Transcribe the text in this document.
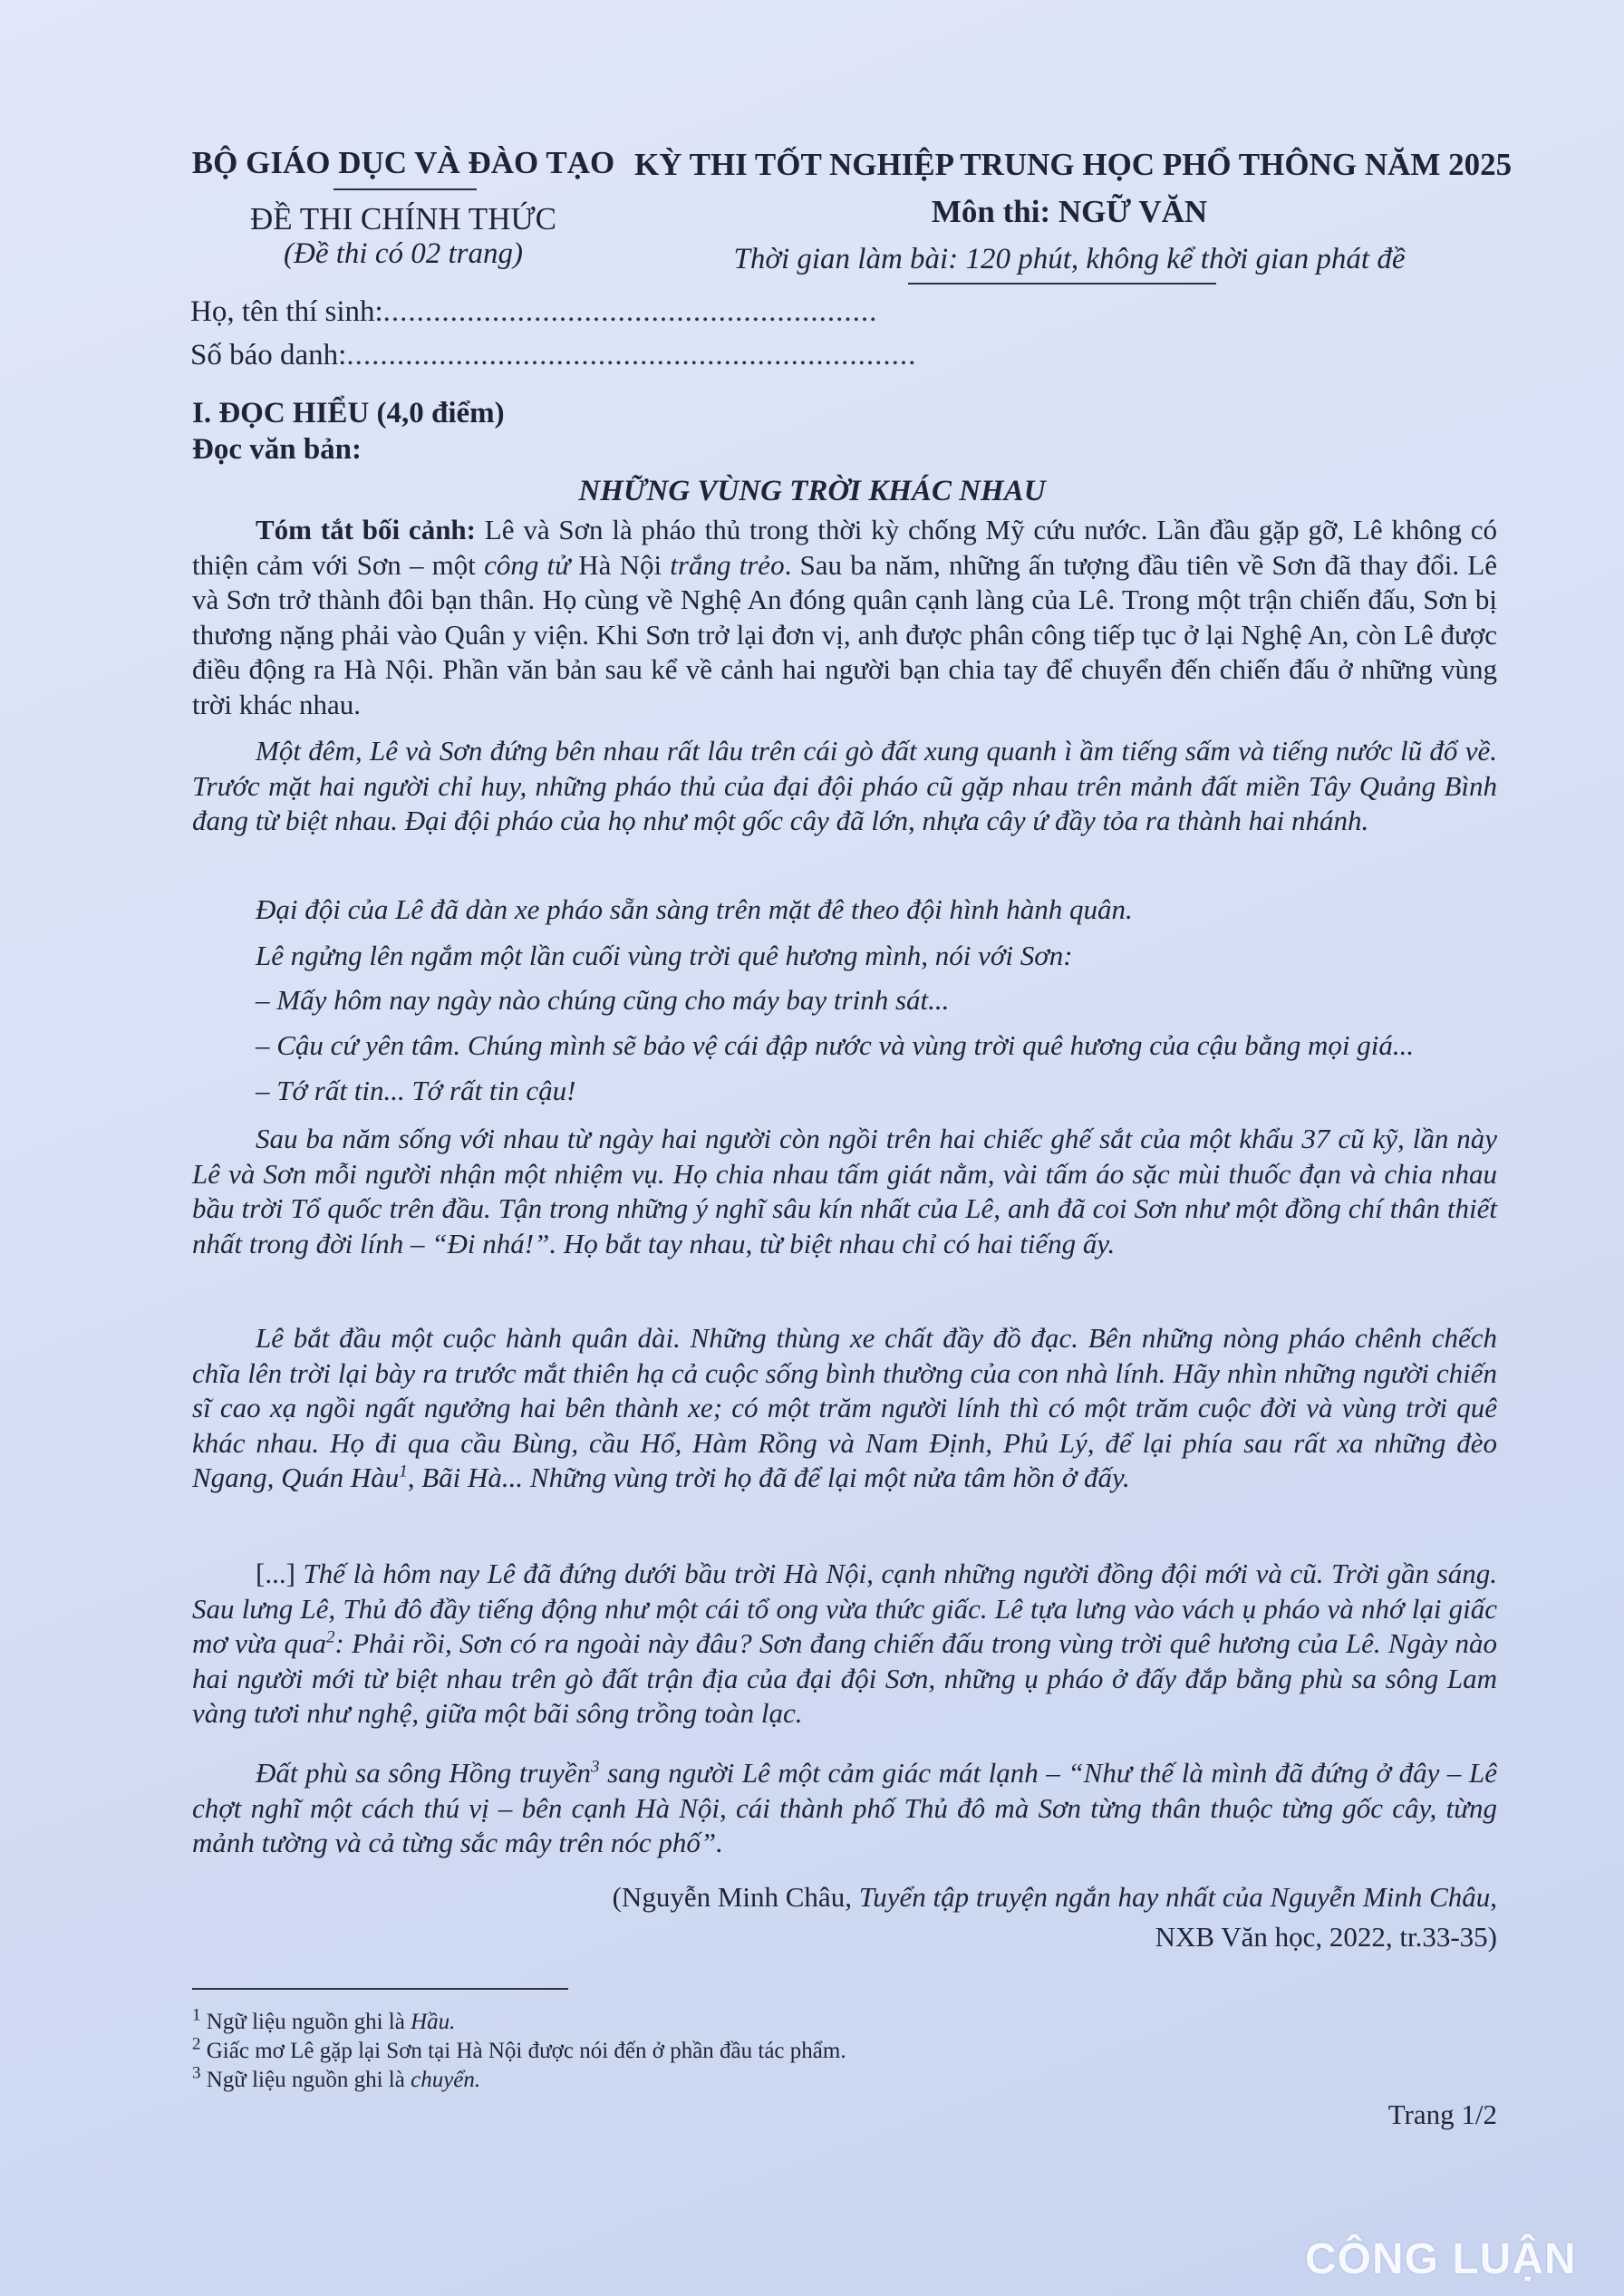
BỘ GIÁO DỤC VÀ ĐÀO TẠO
ĐỀ THI CHÍNH THỨC
(Đề thi có 02 trang)
KỲ THI TỐT NGHIỆP TRUNG HỌC PHỔ THÔNG NĂM 2025
Môn thi: NGỮ VĂN
Thời gian làm bài: 120 phút, không kể thời gian phát đề
Họ, tên thí sinh:...........................................................
Số báo danh:....................................................................
I. ĐỌC HIỂU (4,0 điểm)
Đọc văn bản:
NHỮNG VÙNG TRỜI KHÁC NHAU
Tóm tắt bối cảnh: Lê và Sơn là pháo thủ trong thời kỳ chống Mỹ cứu nước. Lần đầu gặp gỡ, Lê không có thiện cảm với Sơn – một công tử Hà Nội trắng trẻo. Sau ba năm, những ấn tượng đầu tiên về Sơn đã thay đổi. Lê và Sơn trở thành đôi bạn thân. Họ cùng về Nghệ An đóng quân cạnh làng của Lê. Trong một trận chiến đấu, Sơn bị thương nặng phải vào Quân y viện. Khi Sơn trở lại đơn vị, anh được phân công tiếp tục ở lại Nghệ An, còn Lê được điều động ra Hà Nội. Phần văn bản sau kể về cảnh hai người bạn chia tay để chuyển đến chiến đấu ở những vùng trời khác nhau.
Một đêm, Lê và Sơn đứng bên nhau rất lâu trên cái gò đất xung quanh ì ầm tiếng sấm và tiếng nước lũ đổ về. Trước mặt hai người chỉ huy, những pháo thủ của đại đội pháo cũ gặp nhau trên mảnh đất miền Tây Quảng Bình đang từ biệt nhau. Đại đội pháo của họ như một gốc cây đã lớn, nhựa cây ứ đầy tỏa ra thành hai nhánh.
Đại đội của Lê đã dàn xe pháo sẵn sàng trên mặt đê theo đội hình hành quân.
Lê ngửng lên ngắm một lần cuối vùng trời quê hương mình, nói với Sơn:
– Mấy hôm nay ngày nào chúng cũng cho máy bay trinh sát...
– Cậu cứ yên tâm. Chúng mình sẽ bảo vệ cái đập nước và vùng trời quê hương của cậu bằng mọi giá...
– Tớ rất tin... Tớ rất tin cậu!
Sau ba năm sống với nhau từ ngày hai người còn ngồi trên hai chiếc ghế sắt của một khẩu 37 cũ kỹ, lần này Lê và Sơn mỗi người nhận một nhiệm vụ. Họ chia nhau tấm giát nằm, vài tấm áo sặc mùi thuốc đạn và chia nhau bầu trời Tổ quốc trên đầu. Tận trong những ý nghĩ sâu kín nhất của Lê, anh đã coi Sơn như một đồng chí thân thiết nhất trong đời lính – “Đi nhá!”. Họ bắt tay nhau, từ biệt nhau chỉ có hai tiếng ấy.
Lê bắt đầu một cuộc hành quân dài. Những thùng xe chất đầy đồ đạc. Bên những nòng pháo chênh chếch chĩa lên trời lại bày ra trước mắt thiên hạ cả cuộc sống bình thường của con nhà lính. Hãy nhìn những người chiến sĩ cao xạ ngồi ngất ngưởng hai bên thành xe; có một trăm người lính thì có một trăm cuộc đời và vùng trời quê khác nhau. Họ đi qua cầu Bùng, cầu Hổ, Hàm Rồng và Nam Định, Phủ Lý, để lại phía sau rất xa những đèo Ngang, Quán Hàu$^1$, Bãi Hà... Những vùng trời họ đã để lại một nửa tâm hồn ở đấy.
[...] Thế là hôm nay Lê đã đứng dưới bầu trời Hà Nội, cạnh những người đồng đội mới và cũ. Trời gần sáng. Sau lưng Lê, Thủ đô đầy tiếng động như một cái tổ ong vừa thức giấc. Lê tựa lưng vào vách ụ pháo và nhớ lại giấc mơ vừa qua$^2$: Phải rồi, Sơn có ra ngoài này đâu? Sơn đang chiến đấu trong vùng trời quê hương của Lê. Ngày nào hai người mới từ biệt nhau trên gò đất trận địa của đại đội Sơn, những ụ pháo ở đấy đắp bằng phù sa sông Lam vàng tươi như nghệ, giữa một bãi sông trồng toàn lạc.
Đất phù sa sông Hồng truyền$^3$ sang người Lê một cảm giác mát lạnh – “Như thế là mình đã đứng ở đây – Lê chợt nghĩ một cách thú vị – bên cạnh Hà Nội, cái thành phố Thủ đô mà Sơn từng thân thuộc từng gốc cây, từng mảnh tường và cả từng sắc mây trên nóc phố”.
(Nguyễn Minh Châu, Tuyển tập truyện ngắn hay nhất của Nguyễn Minh Châu,
NXB Văn học, 2022, tr.33-35)
$^1$ Ngữ liệu nguồn ghi là Hầu.
$^2$ Giấc mơ Lê gặp lại Sơn tại Hà Nội được nói đến ở phần đầu tác phẩm.
$^3$ Ngữ liệu nguồn ghi là chuyển.
Trang 1/2
CÔNG LUẬN
